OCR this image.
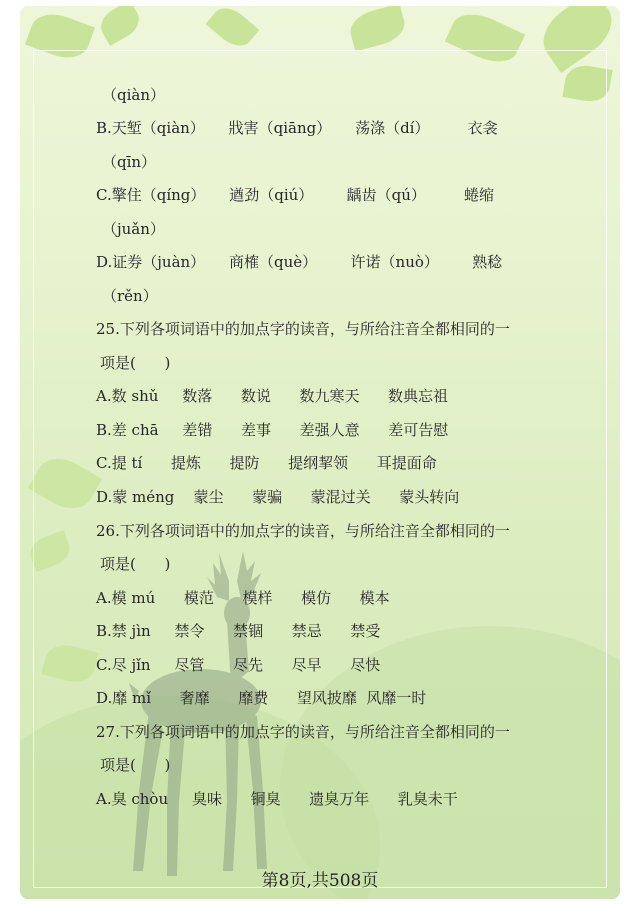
（qiàn）
B.天堑（qiàn）     戕害（qiāng）     荡涤（dí）        衣衾
（qīn）
C.擎住（qíng）     遒劲（qiú）       龋齿（qú）        蜷缩
（juǎn）
D.证券（juàn）     商榷（què）       许诺（nuò）       熟稔
（rěn）
25.下列各项词语中的加点字的读音，与所给注音全都相同的一
项是(      )
A.数 shǔ     数落      数说      数九寒天      数典忘祖
B.差 chā     差错      差事      差强人意      差可告慰
C.提 tí      提炼      提防      提纲挈领      耳提面命
D.蒙 méng    蒙尘      蒙骗      蒙混过关      蒙头转向
26.下列各项词语中的加点字的读音，与所给注音全都相同的一
项是(      )
A.模 mú      模范      模样      模仿      模本
B.禁 jìn     禁令      禁锢      禁忌      禁受
C.尽 jǐn     尽管      尽先      尽早      尽快
D.靡 mǐ      奢靡      靡费      望风披靡  风靡一时
27.下列各项词语中的加点字的读音，与所给注音全都相同的一
项是(      )
A.臭 chòu     臭味      铜臭      遗臭万年      乳臭未干
第8页,共508页
